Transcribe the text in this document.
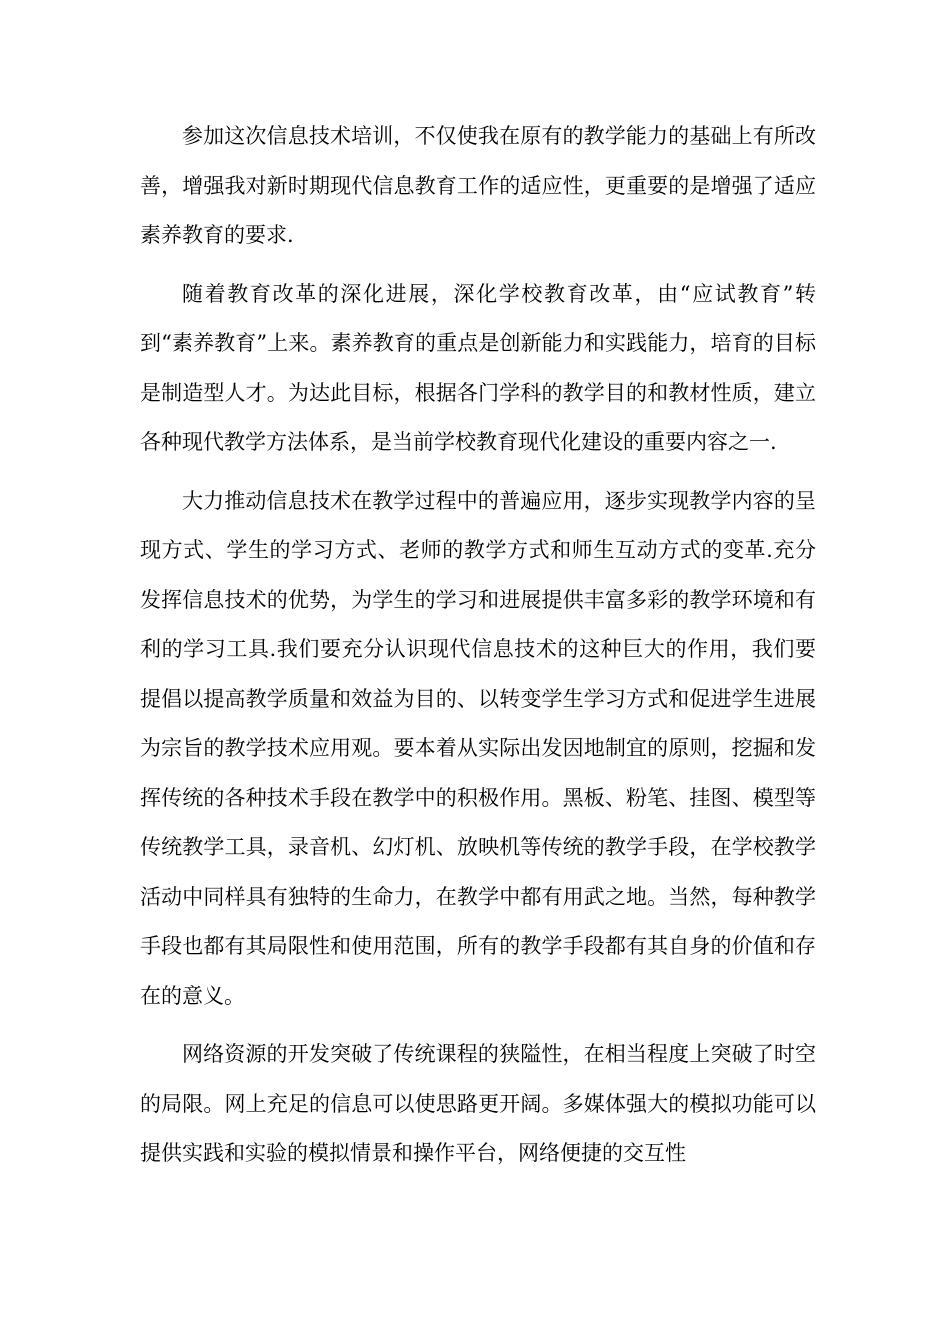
参加这次信息技术培训，不仅使我在原有的教学能力的基础上有所改善，增强我对新时期现代信息教育工作的适应性，更重要的是增强了适应素养教育的要求.

随着教育改革的深化进展，深化学校教育改革，由“应试教育”转到“素养教育”上来。素养教育的重点是创新能力和实践能力，培育的目标是制造型人才。为达此目标，根据各门学科的教学目的和教材性质，建立各种现代教学方法体系，是当前学校教育现代化建设的重要内容之一.

大力推动信息技术在教学过程中的普遍应用，逐步实现教学内容的呈现方式、学生的学习方式、老师的教学方式和师生互动方式的变革.充分发挥信息技术的优势，为学生的学习和进展提供丰富多彩的教学环境和有利的学习工具.我们要充分认识现代信息技术的这种巨大的作用，我们要提倡以提高教学质量和效益为目的、以转变学生学习方式和促进学生进展为宗旨的教学技术应用观。要本着从实际出发因地制宜的原则，挖掘和发挥传统的各种技术手段在教学中的积极作用。黑板、粉笔、挂图、模型等传统教学工具，录音机、幻灯机、放映机等传统的教学手段，在学校教学活动中同样具有独特的生命力，在教学中都有用武之地。当然，每种教学手段也都有其局限性和使用范围，所有的教学手段都有其自身的价值和存在的意义。

网络资源的开发突破了传统课程的狭隘性，在相当程度上突破了时空的局限。网上充足的信息可以使思路更开阔。多媒体强大的模拟功能可以提供实践和实验的模拟情景和操作平台，网络便捷的交互性
